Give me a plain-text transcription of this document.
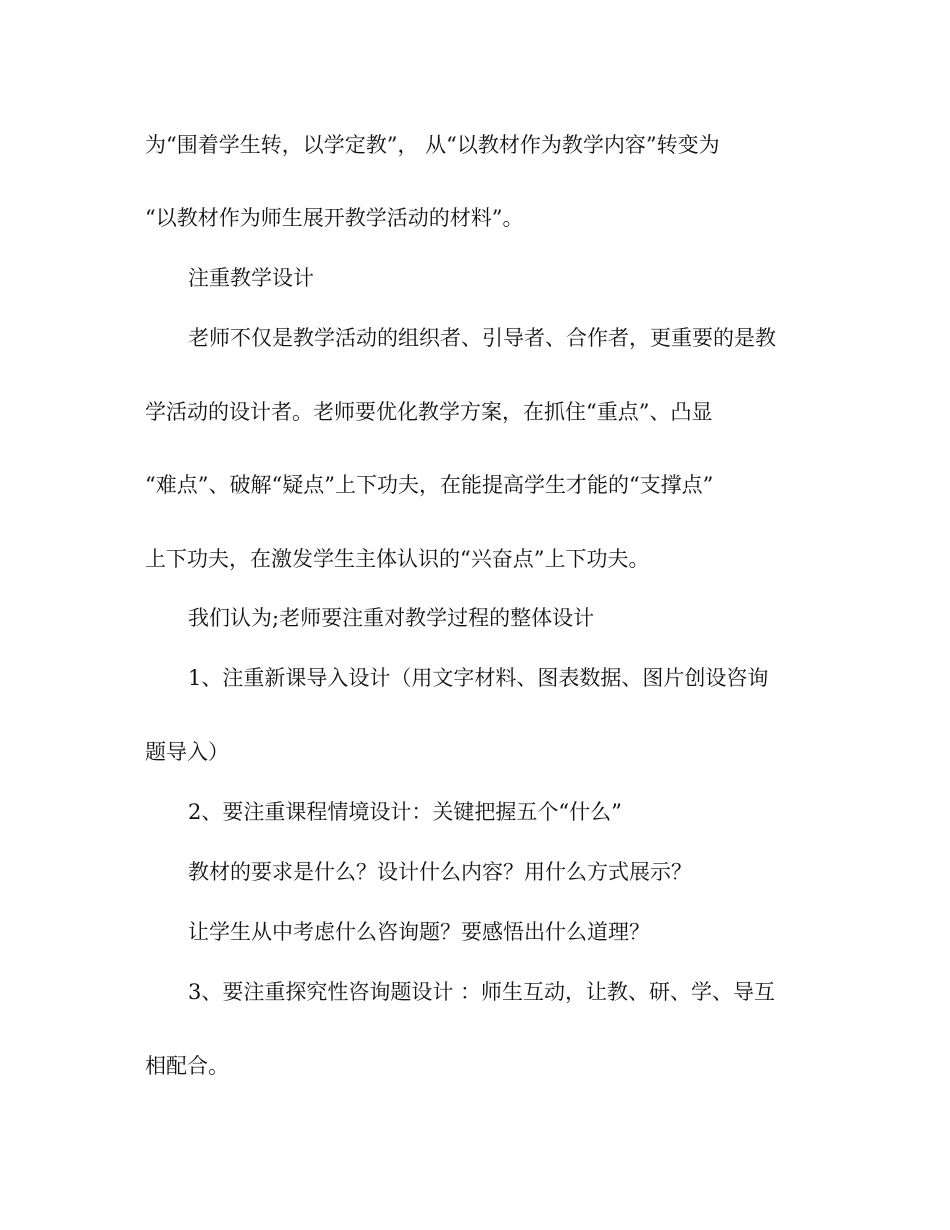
为“围着学生转，以学定教”， 从“以教材作为教学内容”转变为
“以教材作为师生展开教学活动的材料”。
注重教学设计
老师不仅是教学活动的组织者、引导者、合作者，更重要的是教
学活动的设计者。老师要优化教学方案，在抓住“重点”、凸显
“难点”、破解“疑点”上下功夫，在能提高学生才能的“支撑点”
上下功夫，在激发学生主体认识的“兴奋点”上下功夫。
我们认为;老师要注重对教学过程的整体设计
1、注重新课导入设计（用文字材料、图表数据、图片创设咨询
题导入）
2、要注重课程情境设计：关键把握五个“什么”
教材的要求是什么？设计什么内容？用什么方式展示？
让学生从中考虑什么咨询题？要感悟出什么道理？
3、要注重探究性咨询题设计 ：师生互动，让教、研、学、导互
相配合。
